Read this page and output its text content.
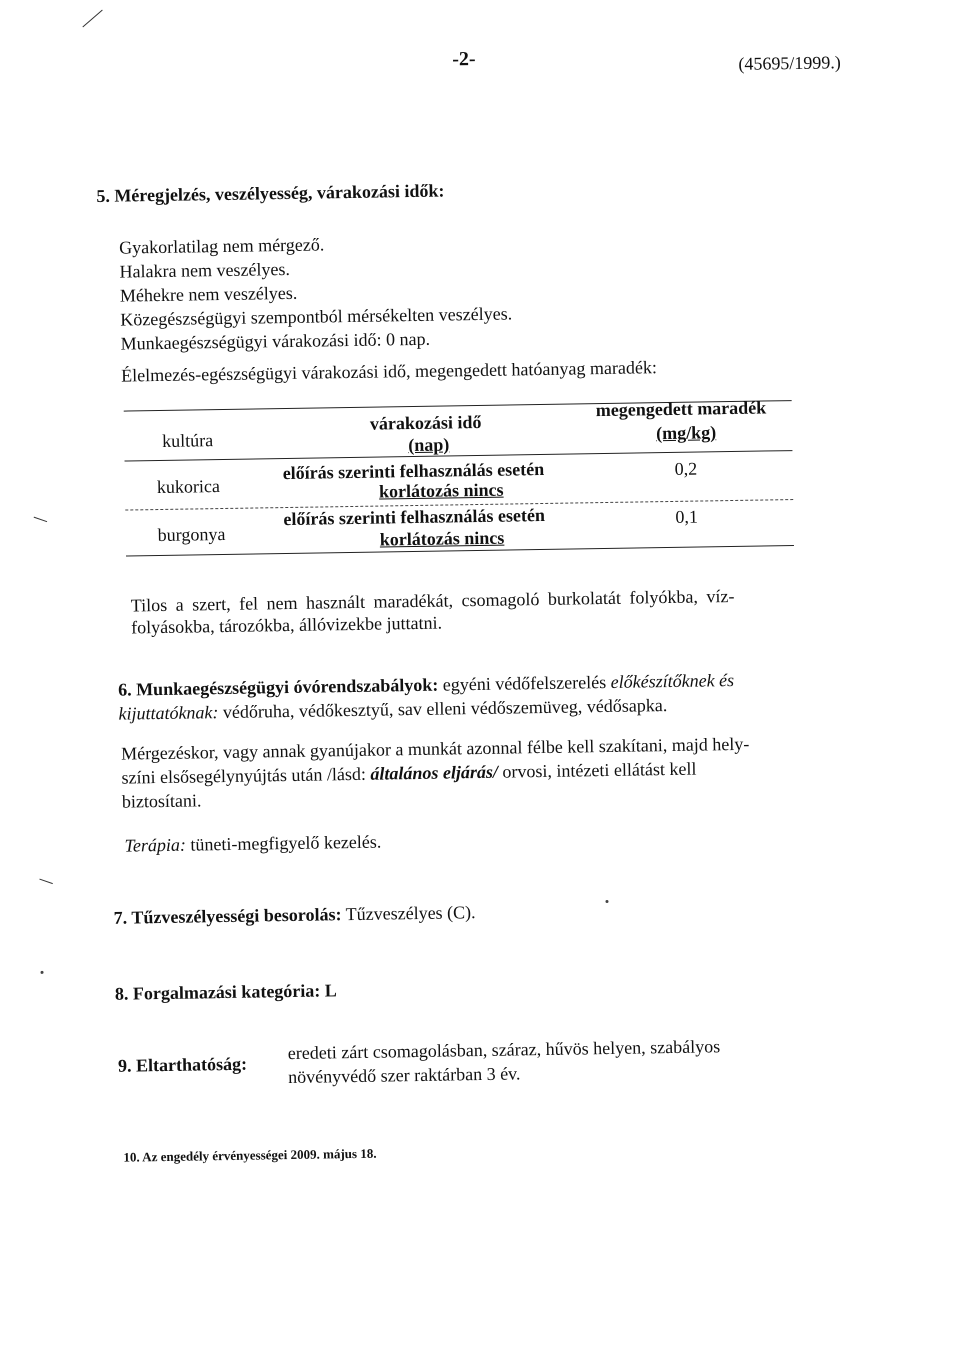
-2-	(45695/1999.)
5. Méregjelzés, veszélyesség, várakozási idők:
Gyakorlatilag nem mérgező.
Halakra nem veszélyes.
Méhekre nem veszélyes.
Közegészségügyi szempontból mérsékelten veszélyes.
Munkaegészségügyi várakozási idő: 0 nap.
Élelmezés-egészségügyi várakozási idő, megengedett hatóanyag maradék:
kultúra
várakozási idő
(nap)
megengedett maradék
(mg/kg)
kukorica
előírás szerinti felhasználás esetén
korlátozás nincs
0,2
burgonya
előírás szerinti felhasználás esetén
korlátozás nincs
0,1
Tilos a szert, fel nem használt maradékát, csomagoló burkolatát folyókba, víz-
folyásokba, tározókba, állóvizekbe juttatni.
6. Munkaegészségügyi óvórendszabályok: egyéni védőfelszerelés előkészítőknek és
kijuttatóknak: védőruha, védőkesztyű, sav elleni védőszemüveg, védősapka.
Mérgezéskor, vagy annak gyanújakor a munkát azonnal félbe kell szakítani, majd hely-
színi elsősegélynyújtás után /lásd: általános eljárás/ orvosi, intézeti ellátást kell
biztosítani.
Terápia: tüneti-megfigyelő kezelés.
7. Tűzveszélyességi besorolás: Tűzveszélyes (C).
8. Forgalmazási kategória: L
9. Eltarthatóság:
eredeti zárt csomagolásban, száraz, hűvös helyen, szabályos
növényvédő szer raktárban 3 év.
10. Az engedély érvényességei 2009. május 18.
